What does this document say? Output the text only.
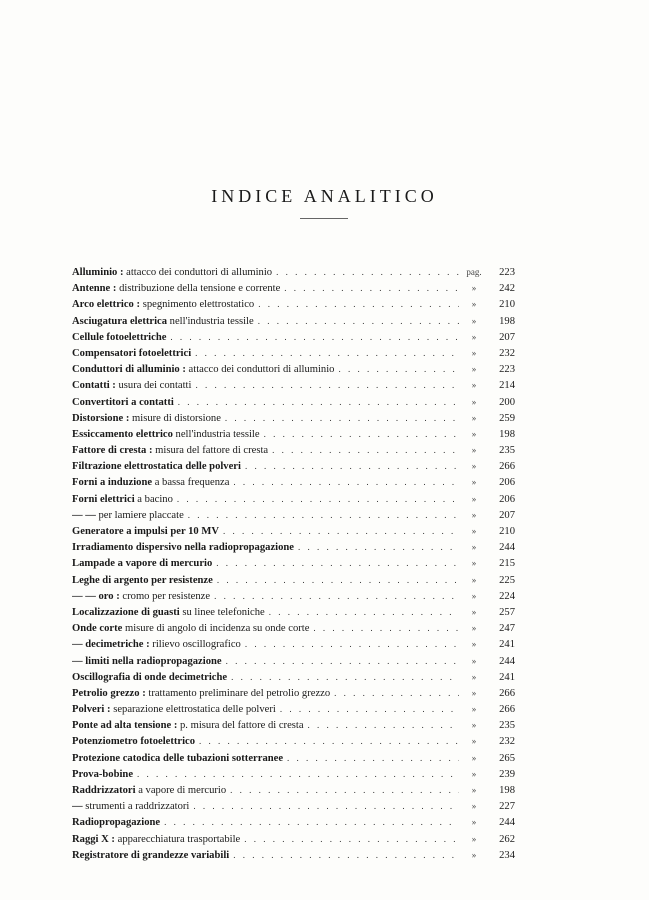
INDICE ANALITICO
Alluminio : attacco dei conduttori di alluminio . . .	pag.	223
Antenne : distribuzione della tensione e corrente . . .	»	242
Arco elettrico : spegnimento elettrostatico . . .	»	210
Asciugatura elettrica nell'industria tessile . . .	»	198
Cellule fotoelettriche . . .	»	207
Compensatori fotoelettrici . . .	»	232
Conduttori di alluminio : attacco dei conduttori di alluminio . . .	»	223
Contatti : usura dei contatti . . .	»	214
Convertitori a contatti . . .	»	200
Distorsione : misure di distorsione . . .	»	259
Essiccamento elettrico nell'industria tessile . . .	»	198
Fattore di cresta : misura del fattore di cresta . . .	»	235
Filtrazione elettrostatica delle polveri . . .	»	266
Forni a induzione a bassa frequenza . . .	»	206
Forni elettrici a bacino . . .	»	206
— — per lamiere placcate . . .	»	207
Generatore a impulsi per 10 MV . . .	»	210
Irradiamento dispersivo nella radiopropagazione . . .	»	244
Lampade a vapore di mercurio . . .	»	215
Leghe di argento per resistenze . . .	»	225
— — oro : cromo per resistenze . . .	»	224
Localizzazione di guasti su linee telefoniche . . .	»	257
Onde corte misure di angolo di incidenza su onde corte . . .	»	247
— decimetriche : rilievo oscillografico . . .	»	241
— limiti nella radiopropagazione . . .	»	244
Oscillografia di onde decimetriche . . .	»	241
Petrolio grezzo : trattamento preliminare del petrolio grezzo . . .	»	266
Polveri : separazione elettrostatica delle polveri . . .	»	266
Ponte ad alta tensione : p. misura del fattore di cresta . . .	»	235
Potenziometro fotoelettrico . . .	»	232
Protezione catodica delle tubazioni sotterranee . . .	»	265
Prova-bobine . . .	»	239
Raddrizzatori a vapore di mercurio . . .	»	198
— strumenti a raddrizzatori . . .	»	227
Radiopropagazione . . .	»	244
Raggi X : apparecchiatura trasportabile . . .	»	262
Registratore di grandezze variabili . . .	»	234
